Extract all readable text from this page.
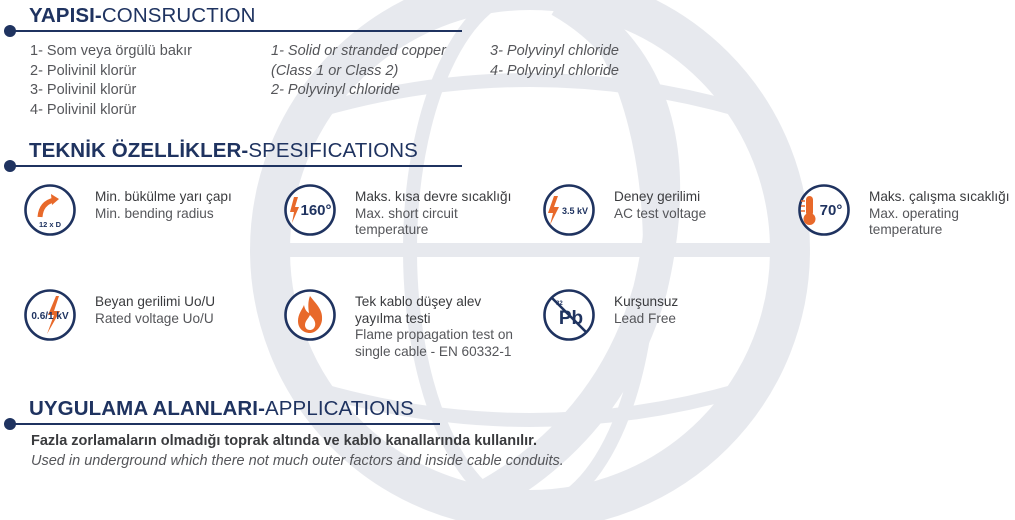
YAPISI-CONSRUCTION
1- Som veya örgülü bakır
2- Polivinil klorür
3- Polivinil klorür
4- Polivinil klorür
1- Solid or stranded copper
(Class 1 or Class 2)
2- Polyvinyl chloride
3- Polyvinyl chloride
4- Polyvinyl chloride
TEKNİK ÖZELLİKLER-SPESIFICATIONS
12 x D
Min. bükülme yarı çapı
Min. bending radius	160°
Maks. kısa devre sıcaklığı
Max. short circuit
temperature
3.5 kV
Deney gerilimi
AC test voltage	70°
Maks. çalışma sıcaklığı
Max. operating
temperature
0.6/1 kV
Beyan gerilimi Uo/U
Rated voltage Uo/U
Tek kablo düşey alev
yayılma testi
Flame propagation test on
single cable - EN 60332-1
82
Pb
Kurşunsuz
Lead Free
UYGULAMA ALANLARI-APPLICATIONS
Fazla zorlamaların olmadığı toprak altında ve kablo kanallarında kullanılır.
Used in underground which there not much outer factors and inside cable conduits.
